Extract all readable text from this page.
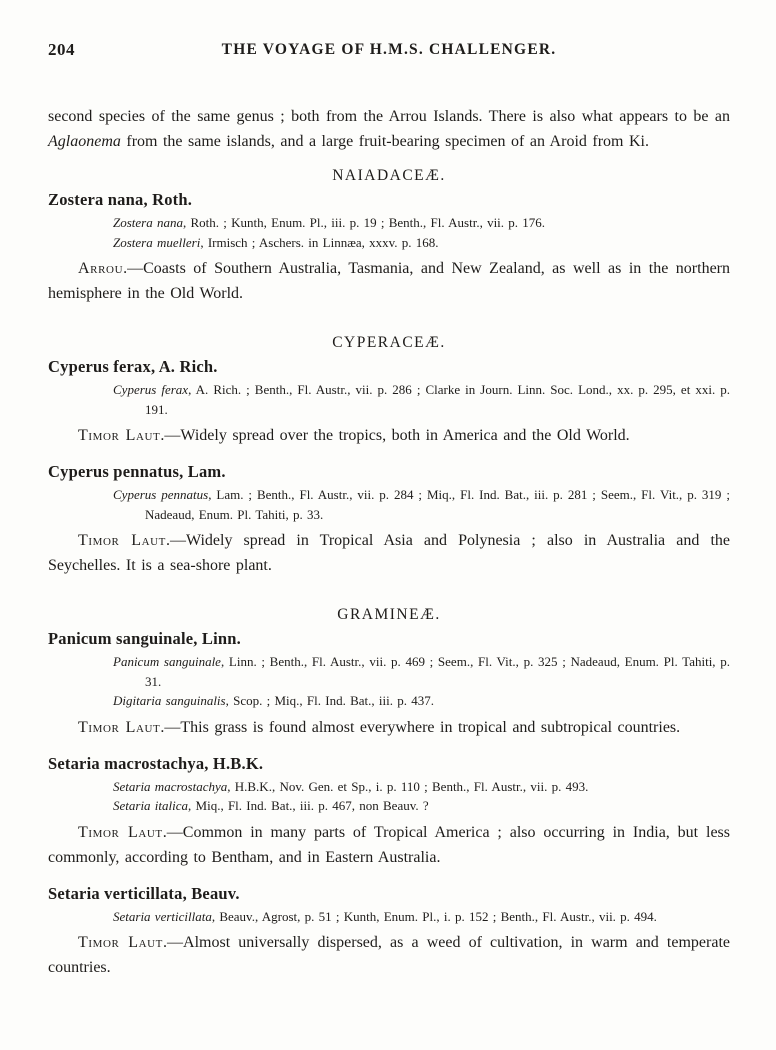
204	THE VOYAGE OF H.M.S. CHALLENGER.

second species of the same genus ; both from the Arrou Islands. There is also what appears to be an Aglaonema from the same islands, and a large fruit-bearing specimen of an Aroid from Ki.

NAIADACEÆ.
Zostera nana, Roth.

Zostera nana, Roth. ; Kunth, Enum. Pl., iii. p. 19 ; Benth., Fl. Austr., vii. p. 176.

Zostera muelleri, Irmisch ; Aschers. in Linnæa, xxxv. p. 168.

Arrou.—Coasts of Southern Australia, Tasmania, and New Zealand, as well as in the northern hemisphere in the Old World.

CYPERACEÆ.
Cyperus ferax, A. Rich.

Cyperus ferax, A. Rich. ; Benth., Fl. Austr., vii. p. 286 ; Clarke in Journ. Linn. Soc. Lond., xx. p. 295, et xxi. p. 191.

Timor Laut.—Widely spread over the tropics, both in America and the Old World.

Cyperus pennatus, Lam.

Cyperus pennatus, Lam. ; Benth., Fl. Austr., vii. p. 284 ; Miq., Fl. Ind. Bat., iii. p. 281 ; Seem., Fl. Vit., p. 319 ; Nadeaud, Enum. Pl. Tahiti, p. 33.

Timor Laut.—Widely spread in Tropical Asia and Polynesia ; also in Australia and the Seychelles. It is a sea-shore plant.

GRAMINEÆ.
Panicum sanguinale, Linn.

Panicum sanguinale, Linn. ; Benth., Fl. Austr., vii. p. 469 ; Seem., Fl. Vit., p. 325 ; Nadeaud, Enum. Pl. Tahiti, p. 31.

Digitaria sanguinalis, Scop. ; Miq., Fl. Ind. Bat., iii. p. 437.

Timor Laut.—This grass is found almost everywhere in tropical and subtropical countries.

Setaria macrostachya, H.B.K.

Setaria macrostachya, H.B.K., Nov. Gen. et Sp., i. p. 110 ; Benth., Fl. Austr., vii. p. 493.

Setaria italica, Miq., Fl. Ind. Bat., iii. p. 467, non Beauv. ?

Timor Laut.—Common in many parts of Tropical America ; also occurring in India, but less commonly, according to Bentham, and in Eastern Australia.

Setaria verticillata, Beauv.

Setaria verticillata, Beauv., Agrost, p. 51 ; Kunth, Enum. Pl., i. p. 152 ; Benth., Fl. Austr., vii. p. 494.

Timor Laut.—Almost universally dispersed, as a weed of cultivation, in warm and temperate countries.
